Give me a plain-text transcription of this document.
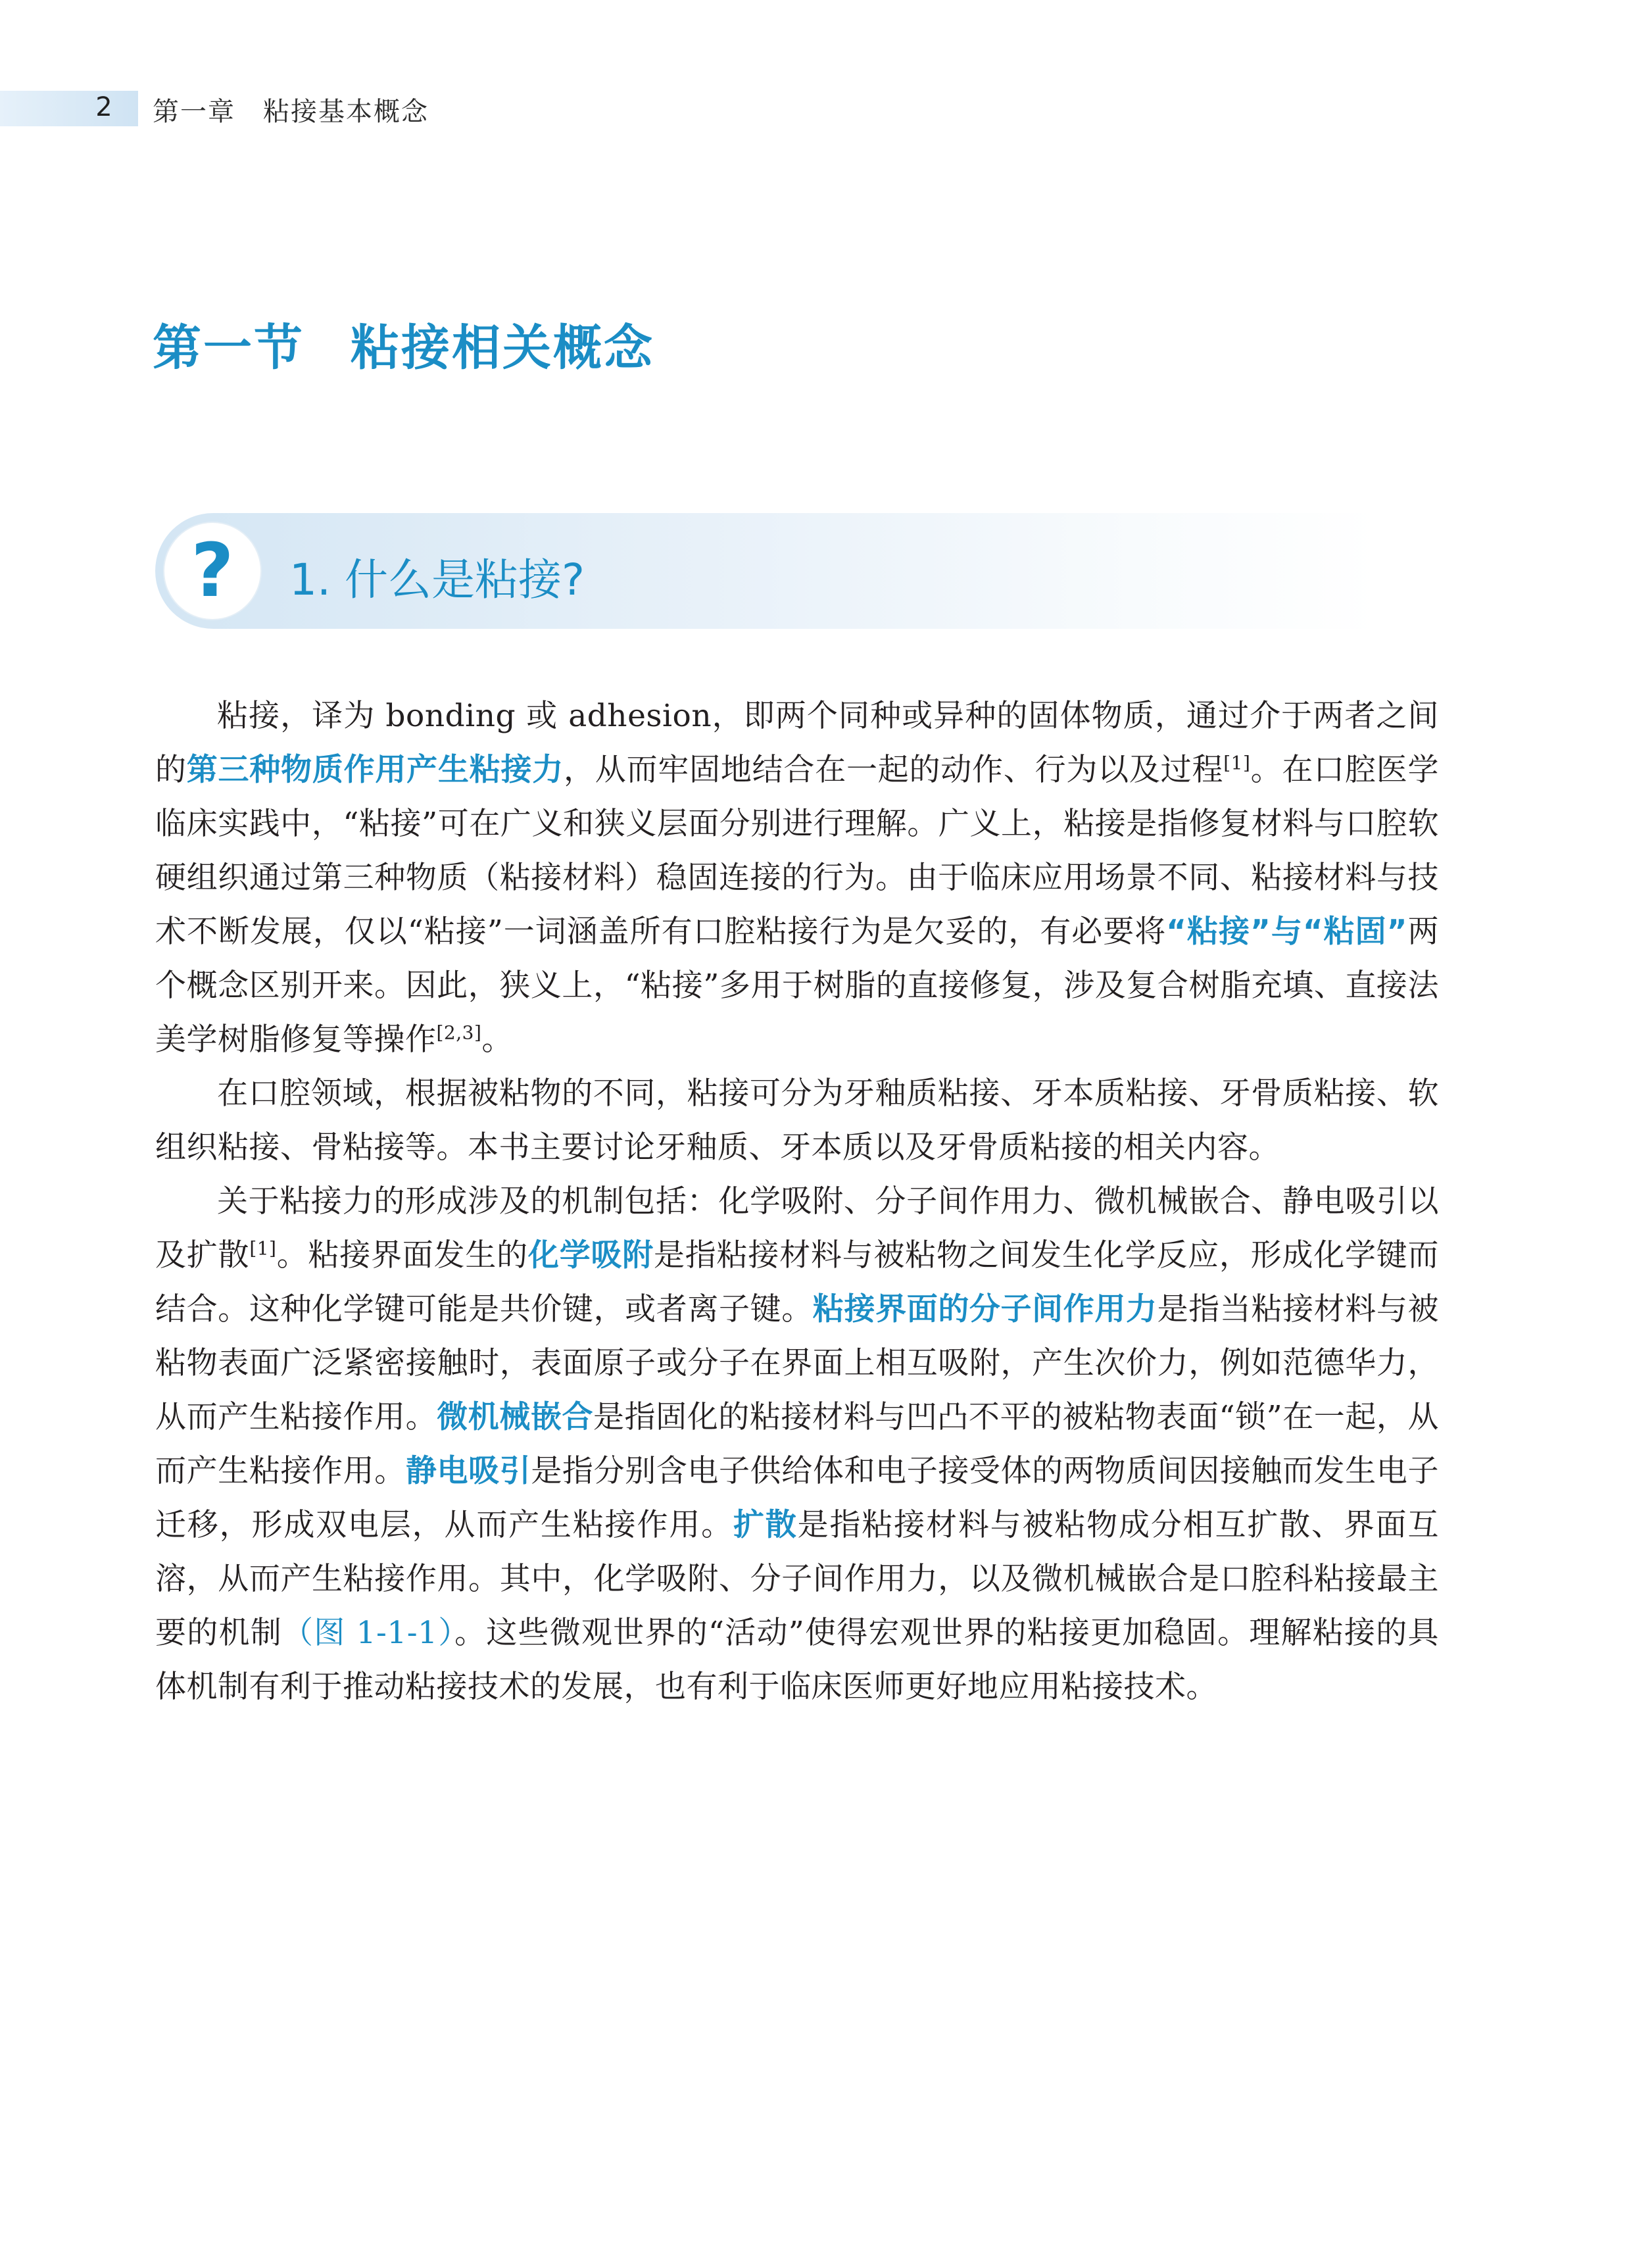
2 第一章　粘接基本概念
第一节 粘接相关概念
?	1. 什么是粘接?

粘接，译为 bonding 或 adhesion，即两个同种或异种的固体物质，通过介于两者之间的第三种物质作用产生粘接力，从而牢固地结合在一起的动作、行为以及过程[1]。在口腔医学临床实践中，“粘接”可在广义和狭义层面分别进行理解。广义上，粘接是指修复材料与口腔软硬组织通过第三种物质（粘接材料）稳固连接的行为。由于临床应用场景不同、粘接材料与技术不断发展，仅以“粘接”一词涵盖所有口腔粘接行为是欠妥的，有必要将“粘接”与“粘固”两个概念区别开来。因此，狭义上，“粘接”多用于树脂的直接修复，涉及复合树脂充填、直接法美学树脂修复等操作[2,3]。

在口腔领域，根据被粘物的不同，粘接可分为牙釉质粘接、牙本质粘接、牙骨质粘接、软组织粘接、骨粘接等。本书主要讨论牙釉质、牙本质以及牙骨质粘接的相关内容。

关于粘接力的形成涉及的机制包括：化学吸附、分子间作用力、微机械嵌合、静电吸引以及扩散[1]。粘接界面发生的化学吸附是指粘接材料与被粘物之间发生化学反应，形成化学键而结合。这种化学键可能是共价键，或者离子键。粘接界面的分子间作用力是指当粘接材料与被粘物表面广泛紧密接触时，表面原子或分子在界面上相互吸附，产生次价力，例如范德华力，从而产生粘接作用。微机械嵌合是指固化的粘接材料与凹凸不平的被粘物表面“锁”在一起，从而产生粘接作用。静电吸引是指分别含电子供给体和电子接受体的两物质间因接触而发生电子迁移，形成双电层，从而产生粘接作用。扩散是指粘接材料与被粘物成分相互扩散、界面互溶，从而产生粘接作用。其中，化学吸附、分子间作用力，以及微机械嵌合是口腔科粘接最主要的机制（图 1-1-1）。这些微观世界的“活动”使得宏观世界的粘接更加稳固。理解粘接的具体机制有利于推动粘接技术的发展，也有利于临床医师更好地应用粘接技术。
